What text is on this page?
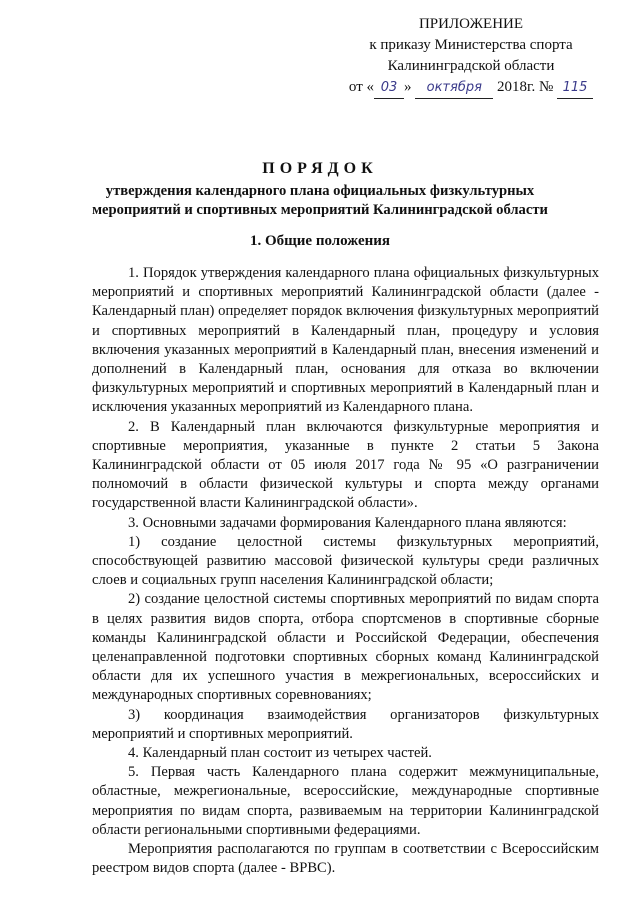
ПРИЛОЖЕНИЕ
к приказу Министерства спорта
Калининградской области
от « 03 » октября 2018г. № 115
ПОРЯДОК
утверждения календарного плана официальных физкультурных мероприятий и спортивных мероприятий Калининградской области
1. Общие положения

1. Порядок утверждения календарного плана официальных физкультурных мероприятий и спортивных мероприятий Калининградской области (далее - Календарный план) определяет порядок включения физкультурных мероприятий и спортивных мероприятий в Календарный план, процедуру и условия включения указанных мероприятий в Календарный план, внесения изменений и дополнений в Календарный план, основания для отказа во включении физкультурных мероприятий и спортивных мероприятий в Календарный план и исключения указанных мероприятий из Календарного плана.

2. В Календарный план включаются физкультурные мероприятия и спортивные мероприятия, указанные в пункте 2 статьи 5 Закона Калининградской области от 05 июля 2017 года № 95 «О разграничении полномочий в области физической культуры и спорта между органами государственной власти Калининградской области».

3. Основными задачами формирования Календарного плана являются:

1) создание целостной системы физкультурных мероприятий, способствующей развитию массовой физической культуры среди различных слоев и социальных групп населения Калининградской области;

2) создание целостной системы спортивных мероприятий по видам спорта в целях развития видов спорта, отбора спортсменов в спортивные сборные команды Калининградской области и Российской Федерации, обеспечения целенаправленной подготовки спортивных сборных команд Калининградской области для их успешного участия в межрегиональных, всероссийских и международных спортивных соревнованиях;

3) координация взаимодействия организаторов физкультурных мероприятий и спортивных мероприятий.

4. Календарный план состоит из четырех частей.

5. Первая часть Календарного плана содержит межмуниципальные, областные, межрегиональные, всероссийские, международные спортивные мероприятия по видам спорта, развиваемым на территории Калининградской области региональными спортивными федерациями.

Мероприятия располагаются по группам в соответствии с Всероссийским реестром видов спорта (далее - ВРВС).
